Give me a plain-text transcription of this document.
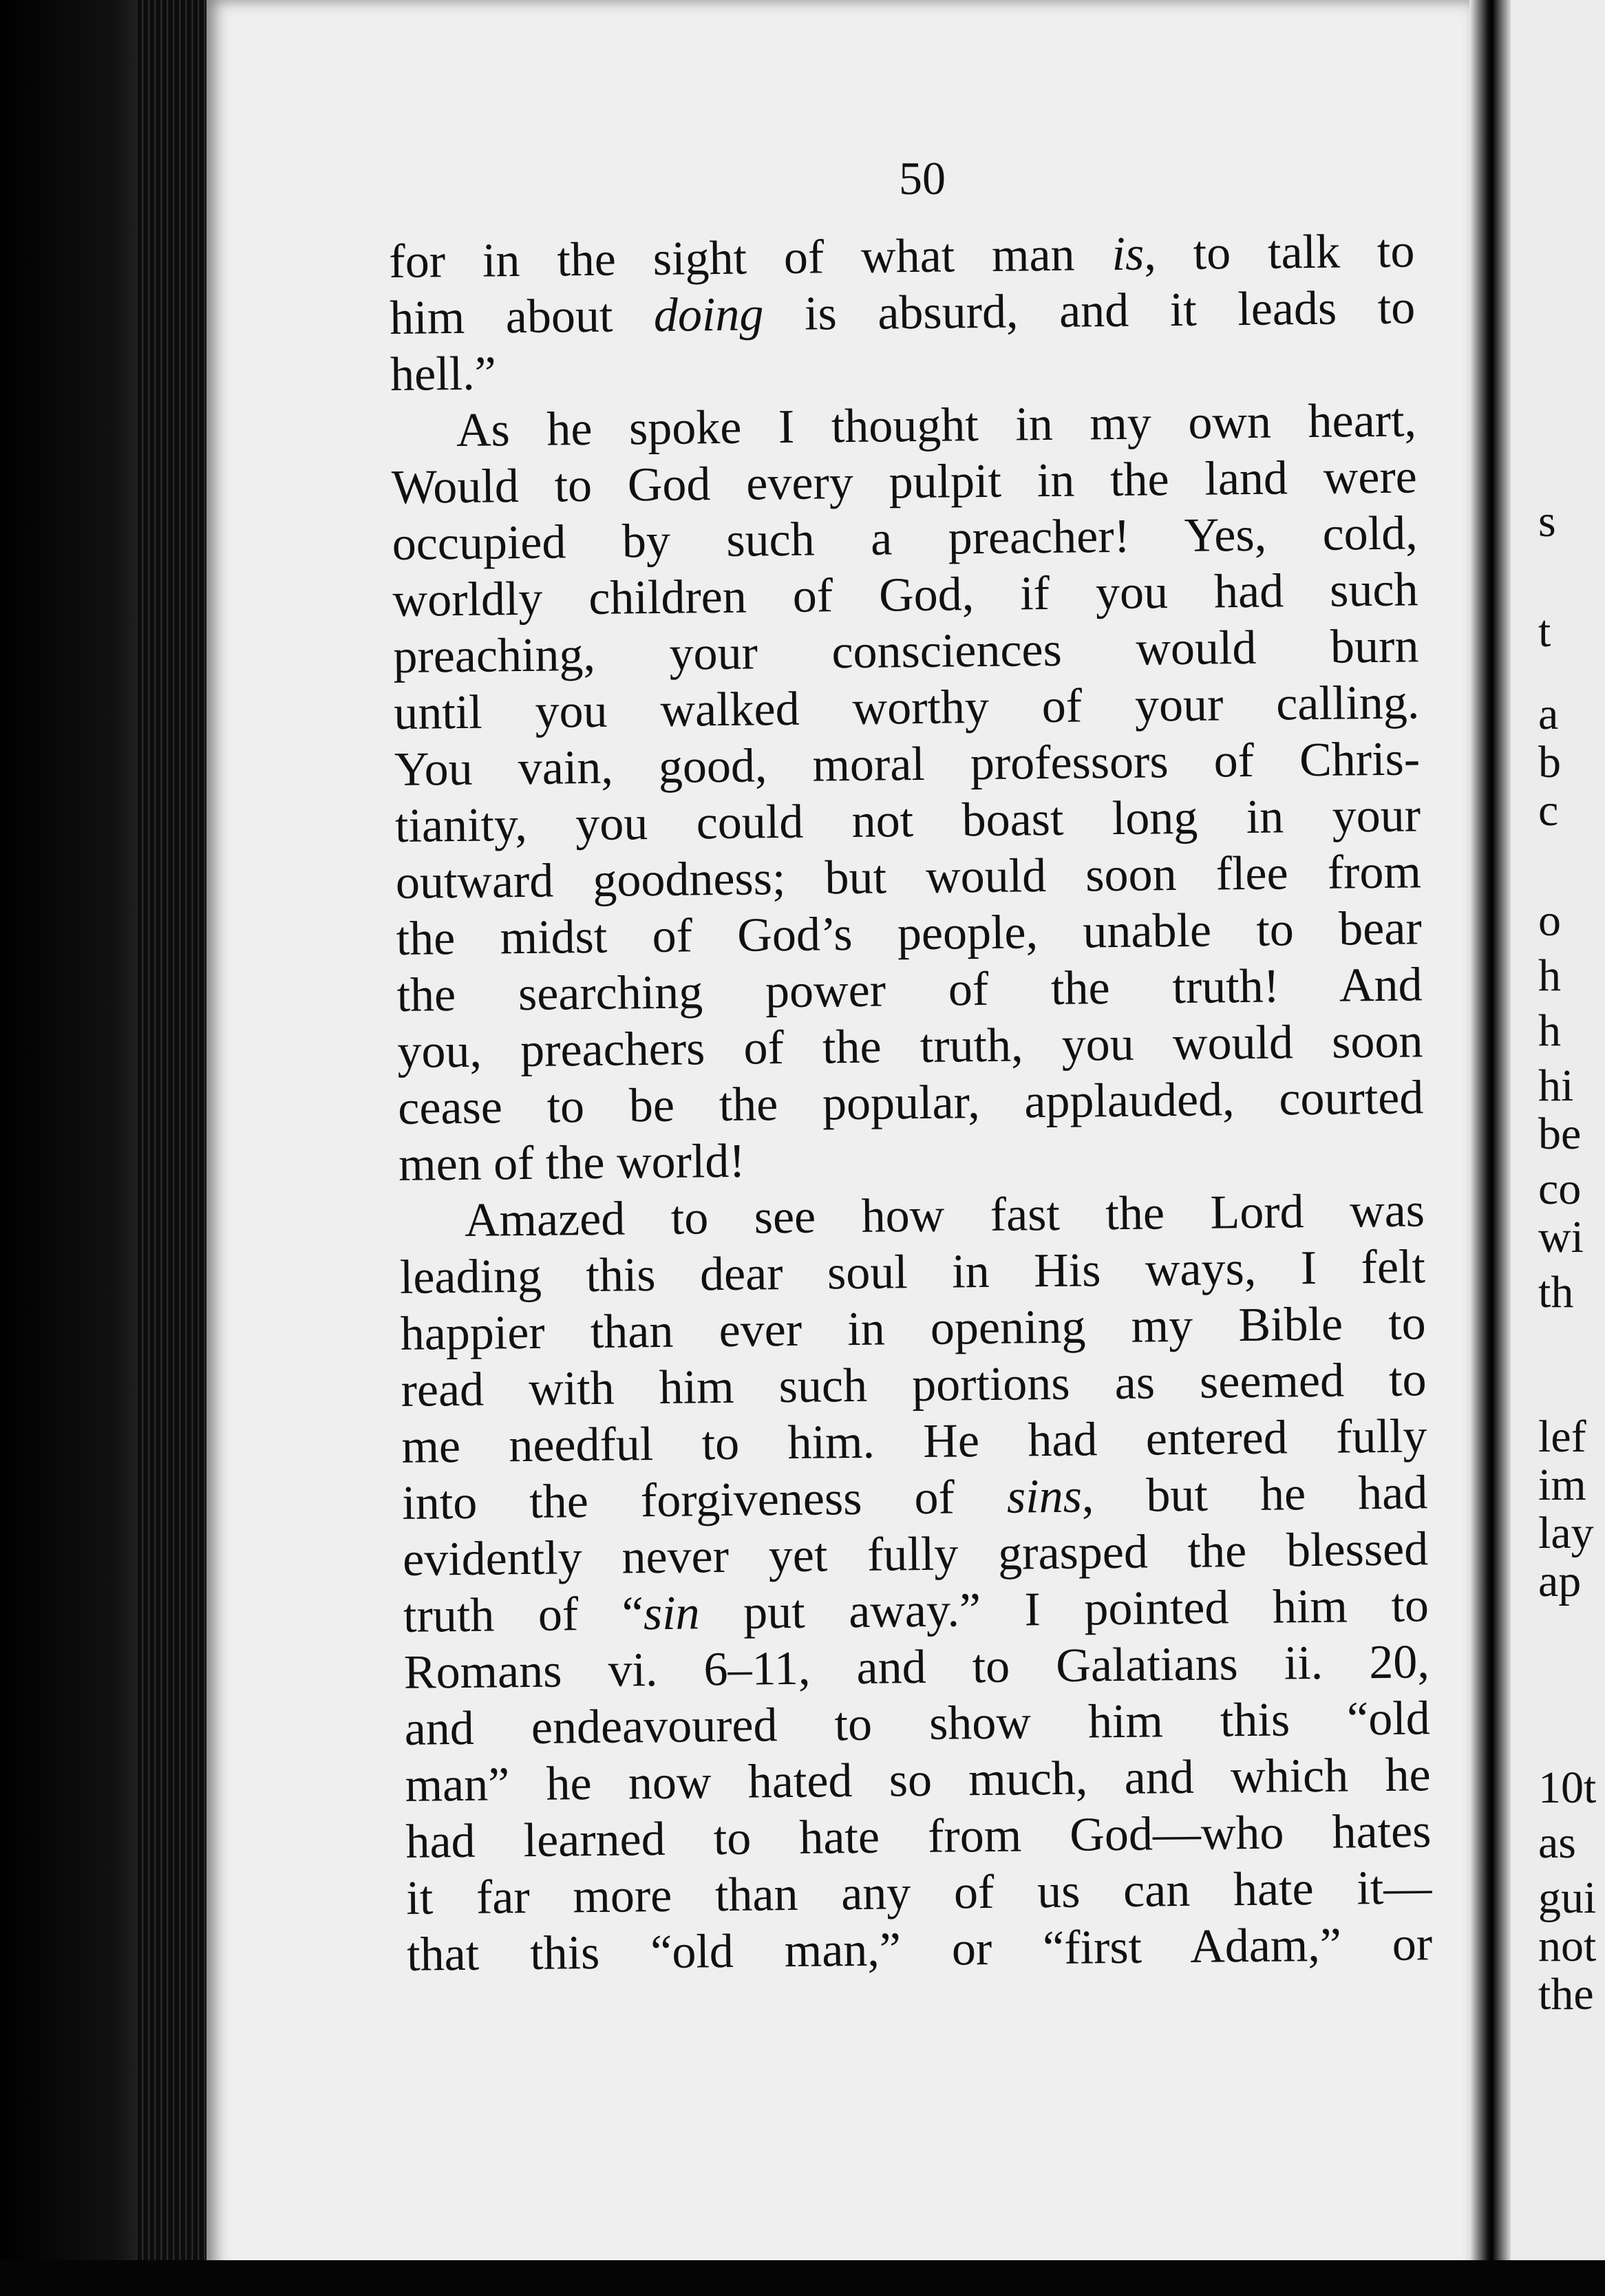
50
for in the sight of what man is, to talk to
him about doing is absurd, and it leads to
hell.”
As he spoke I thought in my own heart,
Would to God every pulpit in the land were
occupied by such a preacher! Yes, cold,
worldly children of God, if you had such
preaching, your consciences would burn
until you walked worthy of your calling.
You vain, good, moral professors of Chris-
tianity, you could not boast long in your
outward goodness; but would soon flee from
the midst of God’s people, unable to bear
the searching power of the truth! And
you, preachers of the truth, you would soon
cease to be the popular, applauded, courted
men of the world!
Amazed to see how fast the Lord was
leading this dear soul in His ways, I felt
happier than ever in opening my Bible to
read with him such portions as seemed to
me needful to him. He had entered fully
into the forgiveness of sins, but he had
evidently never yet fully grasped the blessed
truth of “sin put away.” I pointed him to
Romans vi. 6–11, and to Galatians ii. 20,
and endeavoured to show him this “old
man” he now hated so much, and which he
had learned to hate from God—who hates
it far more than any of us can hate it—
that this “old man,” or “first Adam,” or
s
t
a
b
c
o
h
h
hi
be
co
wi
th
lef
im
lay
ap
10t
as
gui
not
the
